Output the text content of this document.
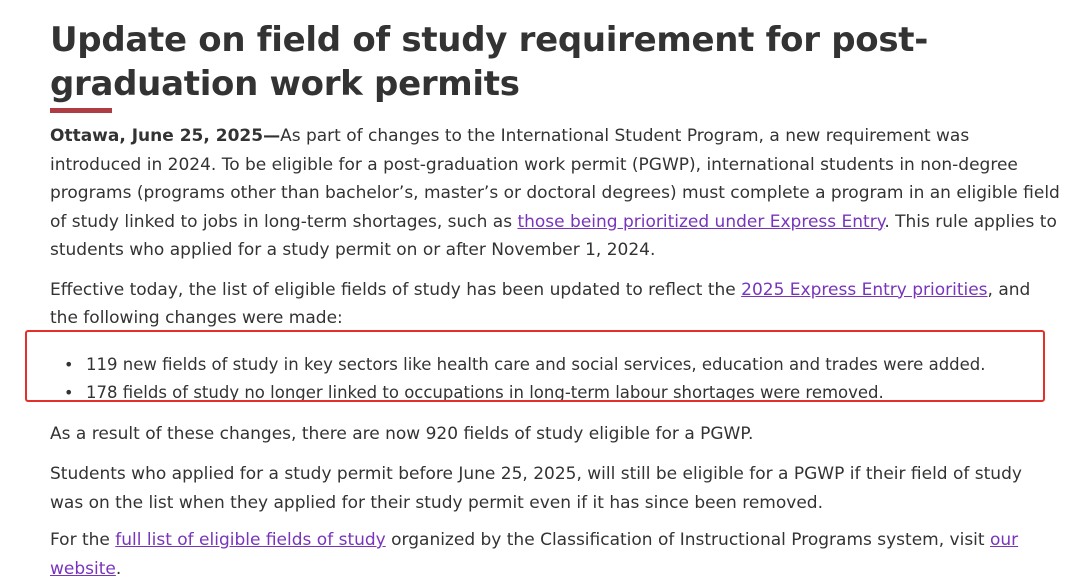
Update on field of study requirement for post-graduation work permits

Ottawa, June 25, 2025—As part of changes to the International Student Program, a new requirement was introduced in 2024. To be eligible for a post-graduation work permit (PGWP), international students in non-degree programs (programs other than bachelor’s, master’s or doctoral degrees) must complete a program in an eligible field of study linked to jobs in long-term shortages, such as those being prioritized under Express Entry. This rule applies to students who applied for a study permit on or after November 1, 2024.

Effective today, the list of eligible fields of study has been updated to reflect the 2025 Express Entry priorities, and the following changes were made:

• 119 new fields of study in key sectors like health care and social services, education and trades were added.
• 178 fields of study no longer linked to occupations in long-term labour shortages were removed.

As a result of these changes, there are now 920 fields of study eligible for a PGWP.

Students who applied for a study permit before June 25, 2025, will still be eligible for a PGWP if their field of study was on the list when they applied for their study permit even if it has since been removed.

For the full list of eligible fields of study organized by the Classification of Instructional Programs system, visit our website.
